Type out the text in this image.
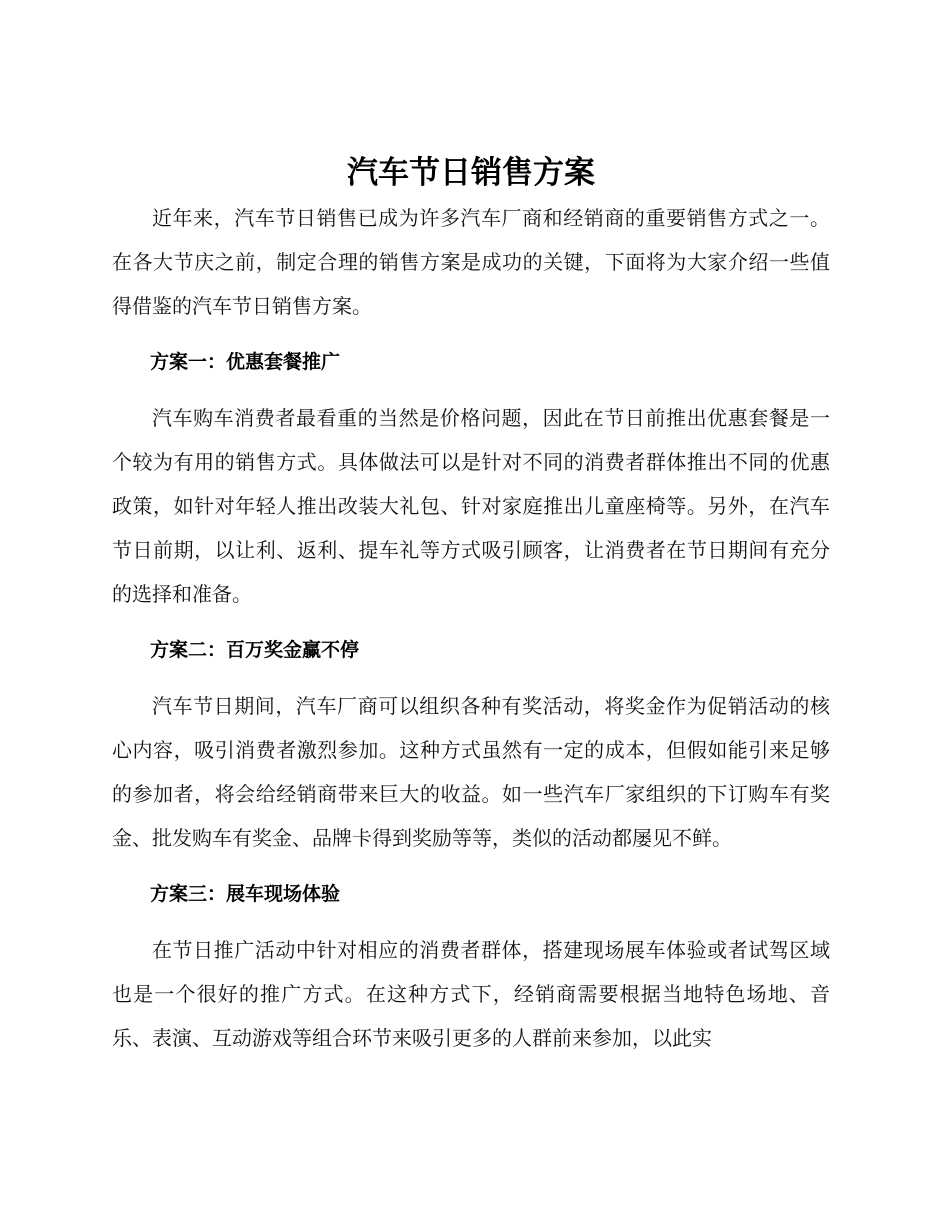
汽车节日销售方案

近年来，汽车节日销售已成为许多汽车厂商和经销商的重要销售方式之一。在各大节庆之前，制定合理的销售方案是成功的关键，下面将为大家介绍一些值得借鉴的汽车节日销售方案。

方案一：优惠套餐推广

汽车购车消费者最看重的当然是价格问题，因此在节日前推出优惠套餐是一个较为有用的销售方式。具体做法可以是针对不同的消费者群体推出不同的优惠政策，如针对年轻人推出改装大礼包、针对家庭推出儿童座椅等。另外，在汽车节日前期，以让利、返利、提车礼等方式吸引顾客，让消费者在节日期间有充分的选择和准备。

方案二：百万奖金赢不停

汽车节日期间，汽车厂商可以组织各种有奖活动，将奖金作为促销活动的核心内容，吸引消费者激烈参加。这种方式虽然有一定的成本，但假如能引来足够的参加者，将会给经销商带来巨大的收益。如一些汽车厂家组织的下订购车有奖金、批发购车有奖金、品牌卡得到奖励等等，类似的活动都屡见不鲜。

方案三：展车现场体验

在节日推广活动中针对相应的消费者群体，搭建现场展车体验或者试驾区域也是一个很好的推广方式。在这种方式下，经销商需要根据当地特色场地、音乐、表演、互动游戏等组合环节来吸引更多的人群前来参加，以此实
